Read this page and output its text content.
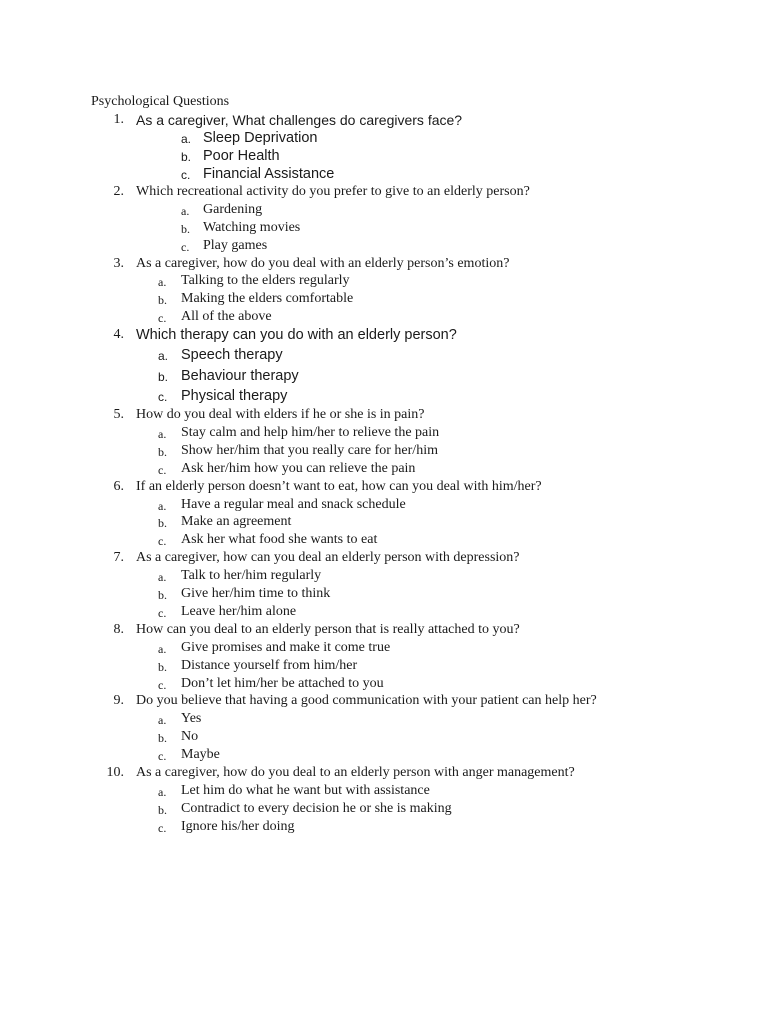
Psychological Questions
1. As a caregiver, What challenges do caregivers face?
a. Sleep Deprivation
b. Poor Health
c. Financial Assistance
2. Which recreational activity do you prefer to give to an elderly person?
a. Gardening
b. Watching movies
c. Play games
3. As a caregiver, how do you deal with an elderly person’s emotion?
a. Talking to the elders regularly
b. Making the elders comfortable
c. All of the above
4. Which therapy can you do with an elderly person?
a. Speech therapy
b. Behaviour therapy
c. Physical therapy
5. How do you deal with elders if he or she is in pain?
a. Stay calm and help him/her to relieve the pain
b. Show her/him that you really care for her/him
c. Ask her/him how you can relieve the pain
6. If an elderly person doesn’t want to eat, how can you deal with him/her?
a. Have a regular meal and snack schedule
b. Make an agreement
c. Ask her what food she wants to eat
7. As a caregiver, how can you deal an elderly person with depression?
a. Talk to her/him regularly
b. Give her/him time to think
c. Leave her/him alone
8. How can you deal to an elderly person that is really attached to you?
a. Give promises and make it come true
b. Distance yourself from him/her
c. Don’t let him/her be attached to you
9. Do you believe that having a good communication with your patient can help her?
a. Yes
b. No
c. Maybe
10. As a caregiver, how do you deal to an elderly person with anger management?
a. Let him do what he want but with assistance
b. Contradict to every decision he or she is making
c. Ignore his/her doing
